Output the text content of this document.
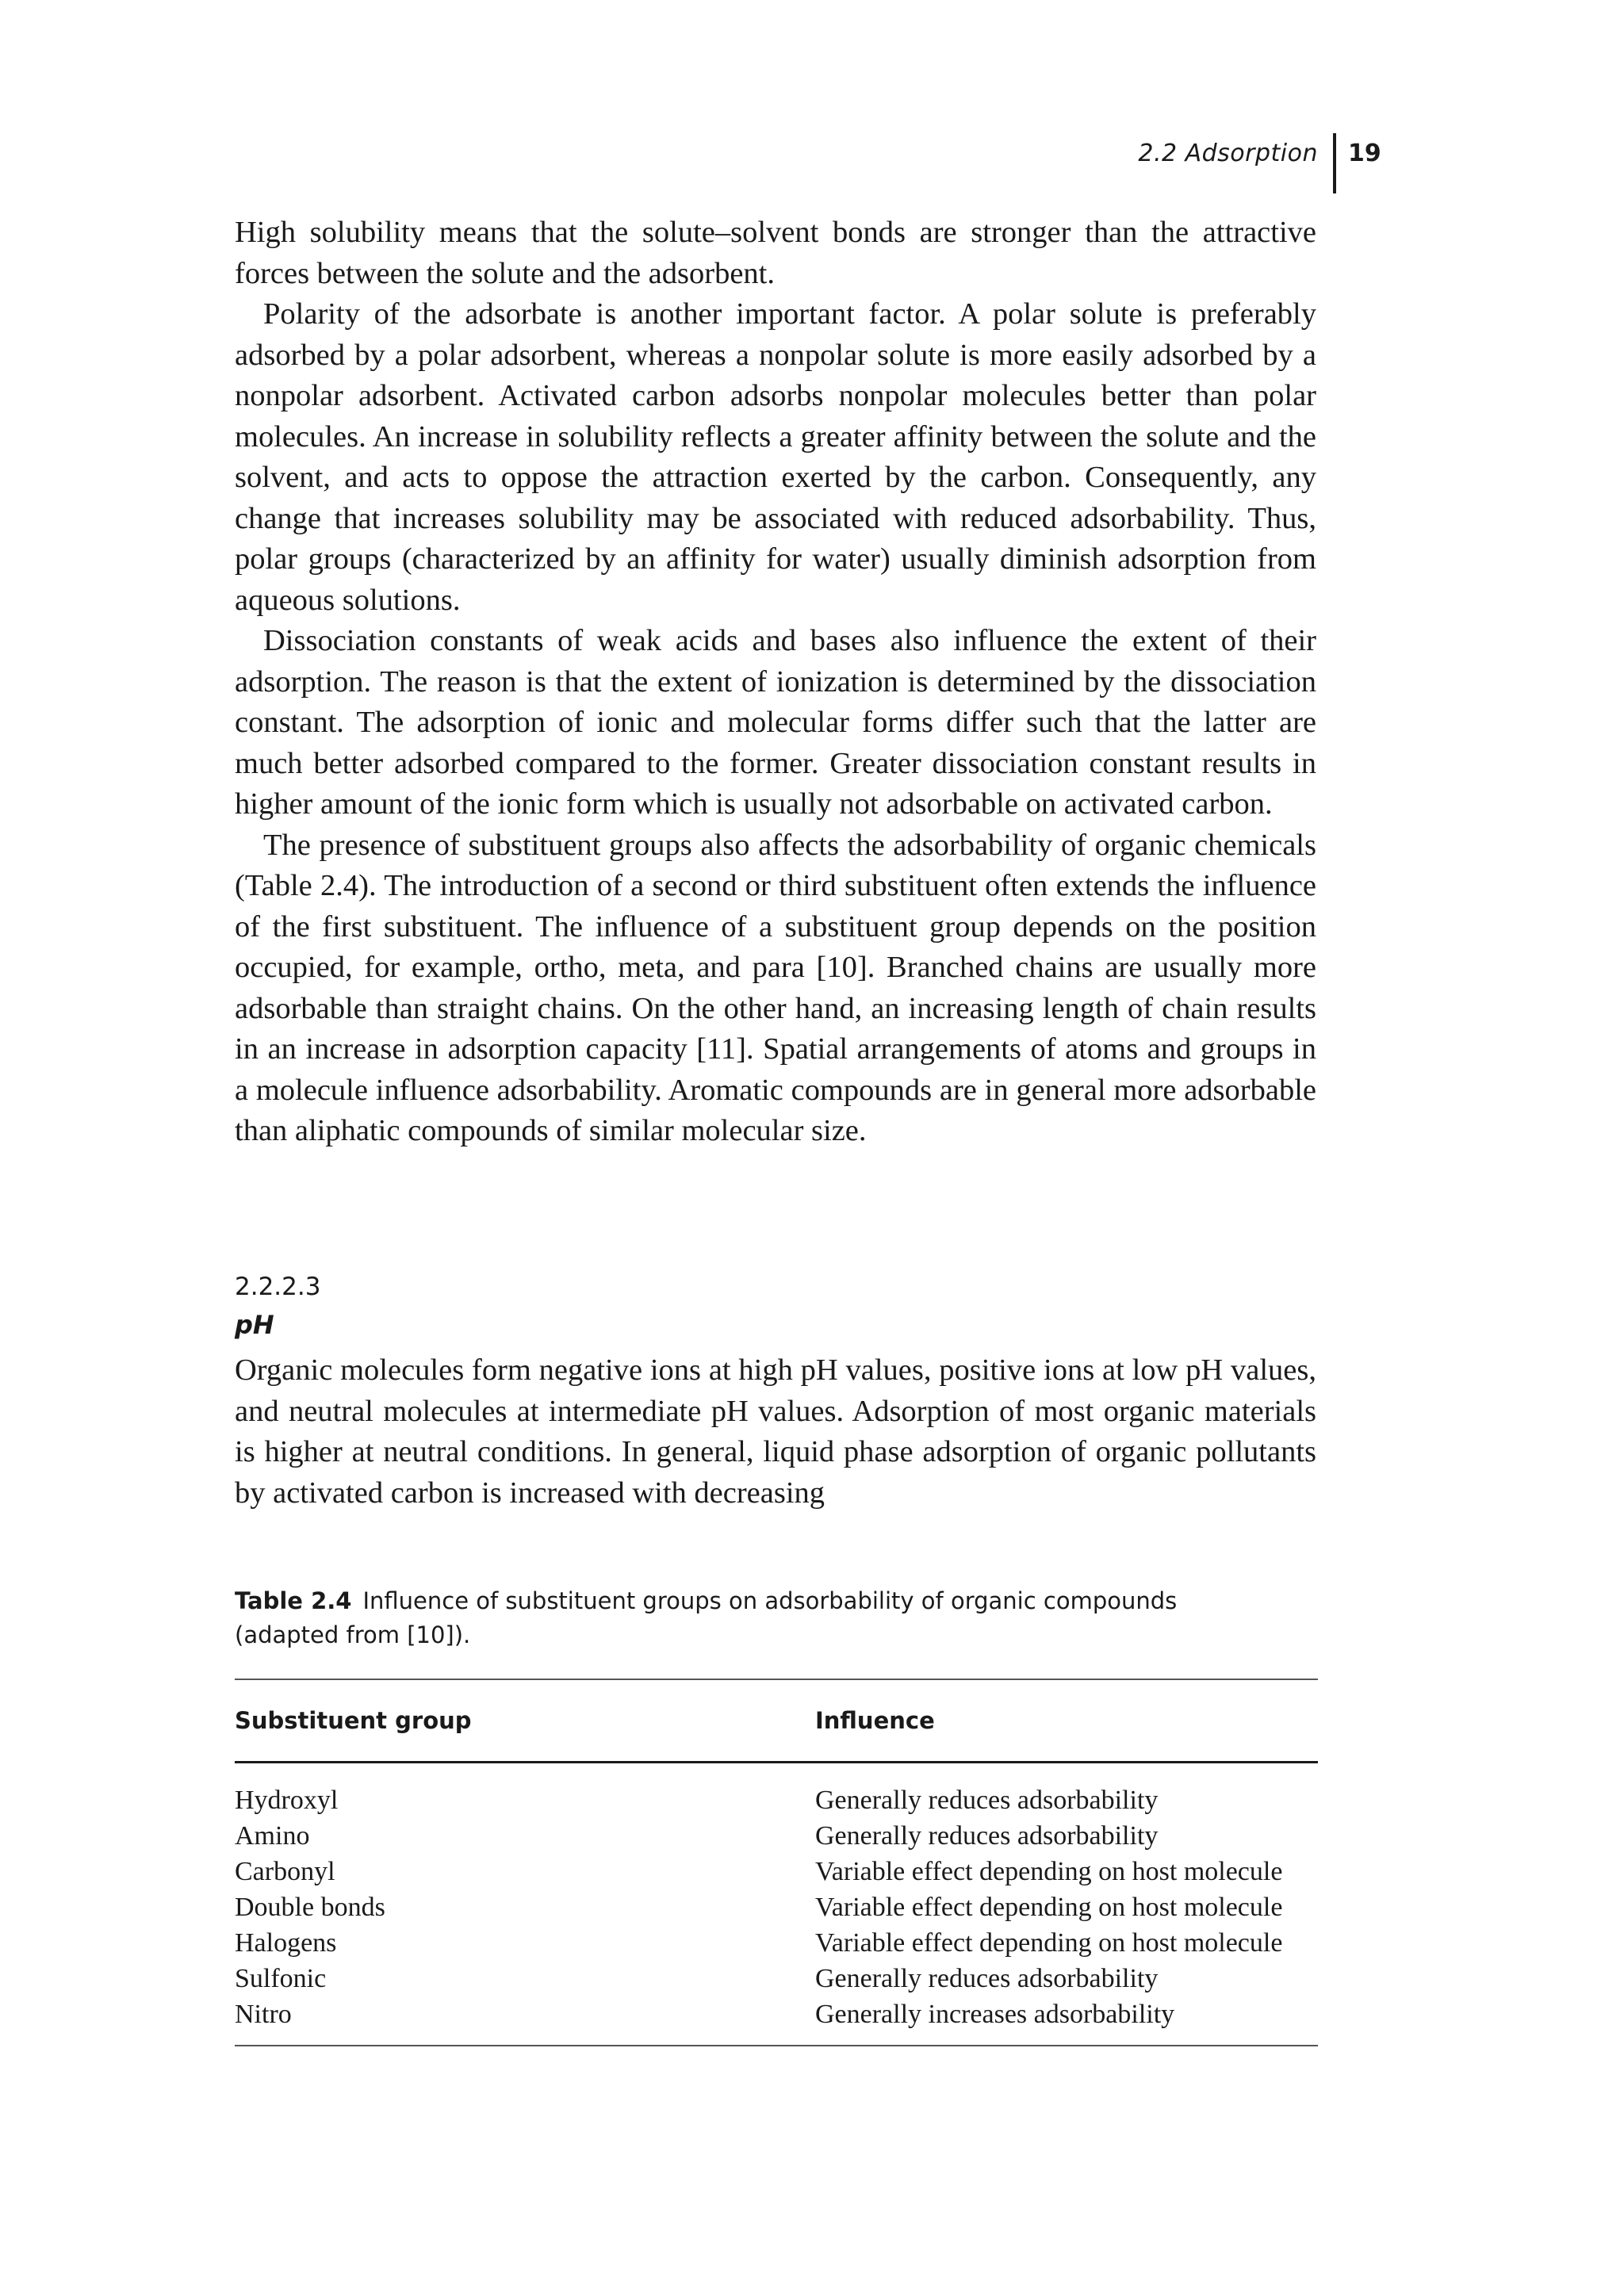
2.2 Adsorption 19

High solubility means that the solute–solvent bonds are stronger than the attractive forces between the solute and the adsorbent.

Polarity of the adsorbate is another important factor. A polar solute is preferably adsorbed by a polar adsorbent, whereas a nonpolar solute is more easily adsorbed by a nonpolar adsorbent. Activated carbon adsorbs nonpolar molecules better than polar molecules. An increase in solubility reflects a greater affinity between the solute and the solvent, and acts to oppose the attraction exerted by the carbon. Consequently, any change that increases solubility may be associated with reduced adsorbability. Thus, polar groups (characterized by an affinity for water) usually diminish adsorption from aqueous solutions.

Dissociation constants of weak acids and bases also influence the extent of their adsorption. The reason is that the extent of ionization is determined by the dissociation constant. The adsorption of ionic and molecular forms differ such that the latter are much better adsorbed compared to the former. Greater dissociation constant results in higher amount of the ionic form which is usually not adsorbable on activated carbon.

The presence of substituent groups also affects the adsorbability of organic chemicals (Table 2.4). The introduction of a second or third substituent often extends the influence of the first substituent. The influence of a substituent group depends on the position occupied, for example, ortho, meta, and para [10]. Branched chains are usually more adsorbable than straight chains. On the other hand, an increasing length of chain results in an increase in adsorption capacity [11]. Spatial arrangements of atoms and groups in a molecule influence adsorbability. Aromatic compounds are in general more adsorbable than aliphatic compounds of similar molecular size.

2.2.2.3
pH

Organic molecules form negative ions at high pH values, positive ions at low pH values, and neutral molecules at intermediate pH values. Adsorption of most organic materials is higher at neutral conditions. In general, liquid phase adsorption of organic pollutants by activated carbon is increased with decreasing

Table 2.4 Influence of substituent groups on adsorbability of organic compounds (adapted from [10]).
Substituent group	Influence
Hydroxyl	Generally reduces adsorbability
Amino	Generally reduces adsorbability
Carbonyl	Variable effect depending on host molecule
Double bonds	Variable effect depending on host molecule
Halogens	Variable effect depending on host molecule
Sulfonic	Generally reduces adsorbability
Nitro	Generally increases adsorbability
